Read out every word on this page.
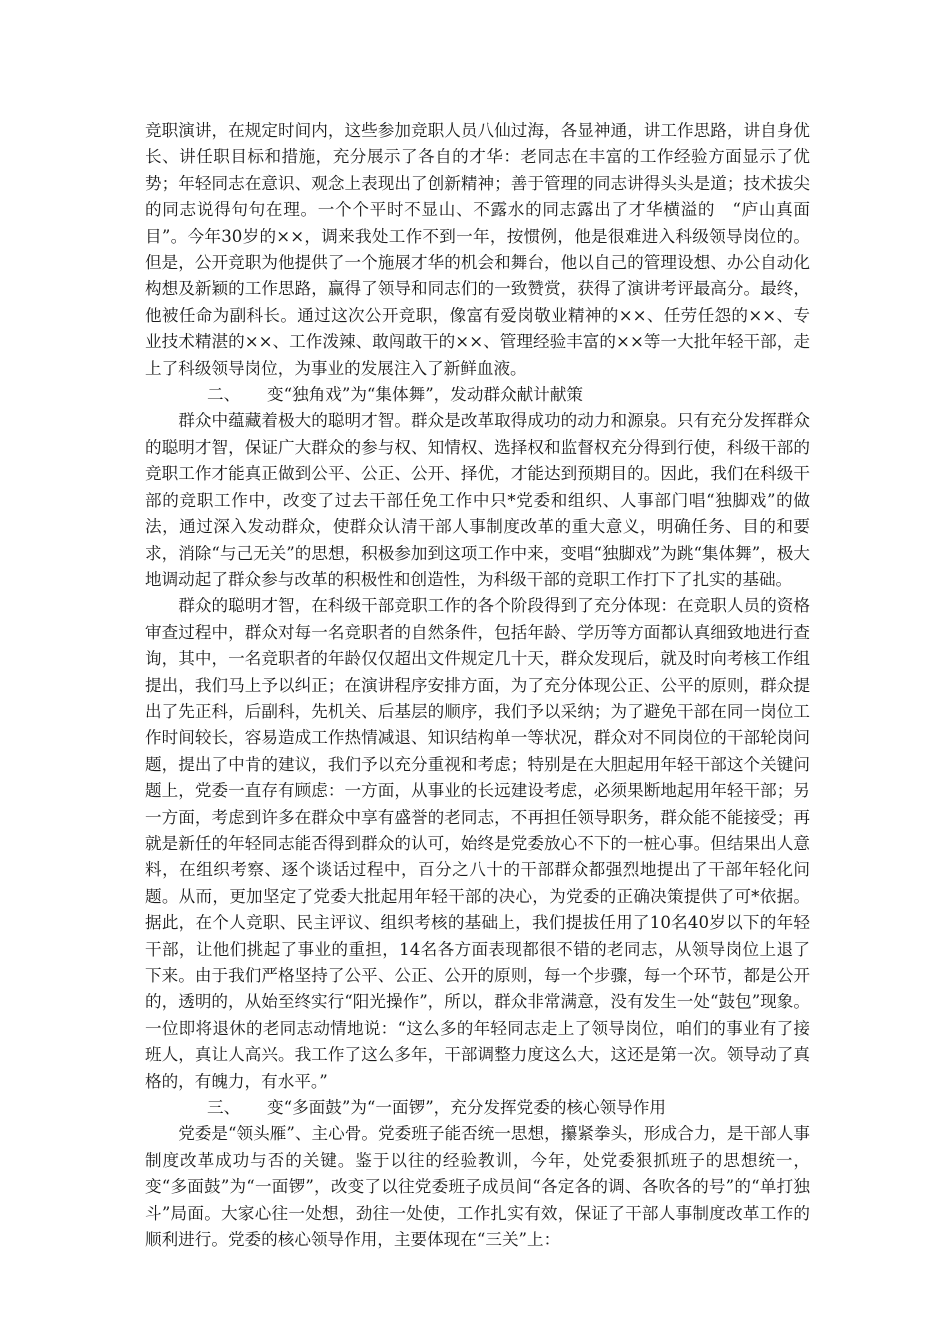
竞职演讲，在规定时间内，这些参加竞职人员八仙过海，各显神通，讲工作思路，讲自身优长、讲任职目标和措施，充分展示了各自的才华：老同志在丰富的工作经验方面显示了优势；年轻同志在意识、观念上表现出了创新精神；善于管理的同志讲得头头是道；技术拔尖的同志说得句句在理。一个个平时不显山、不露水的同志露出了才华横溢的　“庐山真面目”。今年30岁的××，调来我处工作不到一年，按惯例，他是很难进入科级领导岗位的。但是，公开竞职为他提供了一个施展才华的机会和舞台，他以自己的管理设想、办公自动化构想及新颖的工作思路，赢得了领导和同志们的一致赞赏，获得了演讲考评最高分。最终，他被任命为副科长。通过这次公开竞职，像富有爱岗敬业精神的××、任劳任怨的××、专业技术精湛的××、工作泼辣、敢闯敢干的××、管理经验丰富的××等一大批年轻干部，走上了科级领导岗位，为事业的发展注入了新鲜血液。

二、 变“独角戏”为“集体舞”，发动群众献计献策

群众中蕴藏着极大的聪明才智。群众是改革取得成功的动力和源泉。只有充分发挥群众的聪明才智，保证广大群众的参与权、知情权、选择权和监督权充分得到行使，科级干部的竞职工作才能真正做到公平、公正、公开、择优，才能达到预期目的。因此，我们在科级干部的竞职工作中，改变了过去干部任免工作中只*党委和组织、人事部门唱“独脚戏”的做法，通过深入发动群众，使群众认清干部人事制度改革的重大意义，明确任务、目的和要求，消除“与己无关”的思想，积极参加到这项工作中来，变唱“独脚戏”为跳“集体舞”，极大地调动起了群众参与改革的积极性和创造性，为科级干部的竞职工作打下了扎实的基础。

群众的聪明才智，在科级干部竞职工作的各个阶段得到了充分体现：在竞职人员的资格审查过程中，群众对每一名竞职者的自然条件，包括年龄、学历等方面都认真细致地进行查询，其中，一名竞职者的年龄仅仅超出文件规定几十天，群众发现后，就及时向考核工作组提出，我们马上予以纠正；在演讲程序安排方面，为了充分体现公正、公平的原则，群众提出了先正科，后副科，先机关、后基层的顺序，我们予以采纳；为了避免干部在同一岗位工作时间较长，容易造成工作热情减退、知识结构单一等状况，群众对不同岗位的干部轮岗问题，提出了中肯的建议，我们予以充分重视和考虑；特别是在大胆起用年轻干部这个关键问题上，党委一直存有顾虑：一方面，从事业的长远建设考虑，必须果断地起用年轻干部；另一方面，考虑到许多在群众中享有盛誉的老同志，不再担任领导职务，群众能不能接受；再就是新任的年轻同志能否得到群众的认可，始终是党委放心不下的一桩心事。但结果出人意料，在组织考察、逐个谈话过程中，百分之八十的干部群众都强烈地提出了干部年轻化问题。从而，更加坚定了党委大批起用年轻干部的决心，为党委的正确决策提供了可*依据。据此，在个人竞职、民主评议、组织考核的基础上，我们提拔任用了10名40岁以下的年轻干部，让他们挑起了事业的重担，14名各方面表现都很不错的老同志，从领导岗位上退了下来。由于我们严格坚持了公平、公正、公开的原则，每一个步骤，每一个环节，都是公开的，透明的，从始至终实行“阳光操作”，所以，群众非常满意，没有发生一处“鼓包”现象。一位即将退休的老同志动情地说：“这么多的年轻同志走上了领导岗位，咱们的事业有了接班人，真让人高兴。我工作了这么多年，干部调整力度这么大，这还是第一次。领导动了真格的，有魄力，有水平。”

三、 变“多面鼓”为“一面锣”，充分发挥党委的核心领导作用

党委是“领头雁”、主心骨。党委班子能否统一思想，攥紧拳头，形成合力，是干部人事制度改革成功与否的关键。鉴于以往的经验教训，今年，处党委狠抓班子的思想统一，变“多面鼓”为“一面锣”，改变了以往党委班子成员间“各定各的调、各吹各的号”的“单打独斗”局面。大家心往一处想，劲往一处使，工作扎实有效，保证了干部人事制度改革工作的顺利进行。党委的核心领导作用，主要体现在“三关”上：
